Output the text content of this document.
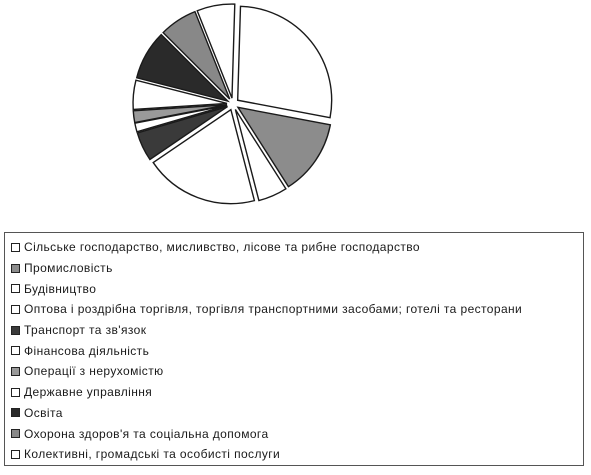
Сільське господарство, мисливство, лісове та рибне господарство
Промисловість
Будівництво
Оптова і роздрібна торгівля, торгівля транспортними засобами; готелі та ресторани
Транспорт та зв'язок
Фінансова діяльність
Операції з нерухомістю
Державне управління
Освіта
Охорона здоров'я та соціальна допомога
Колективні, громадські та особисті послуги
